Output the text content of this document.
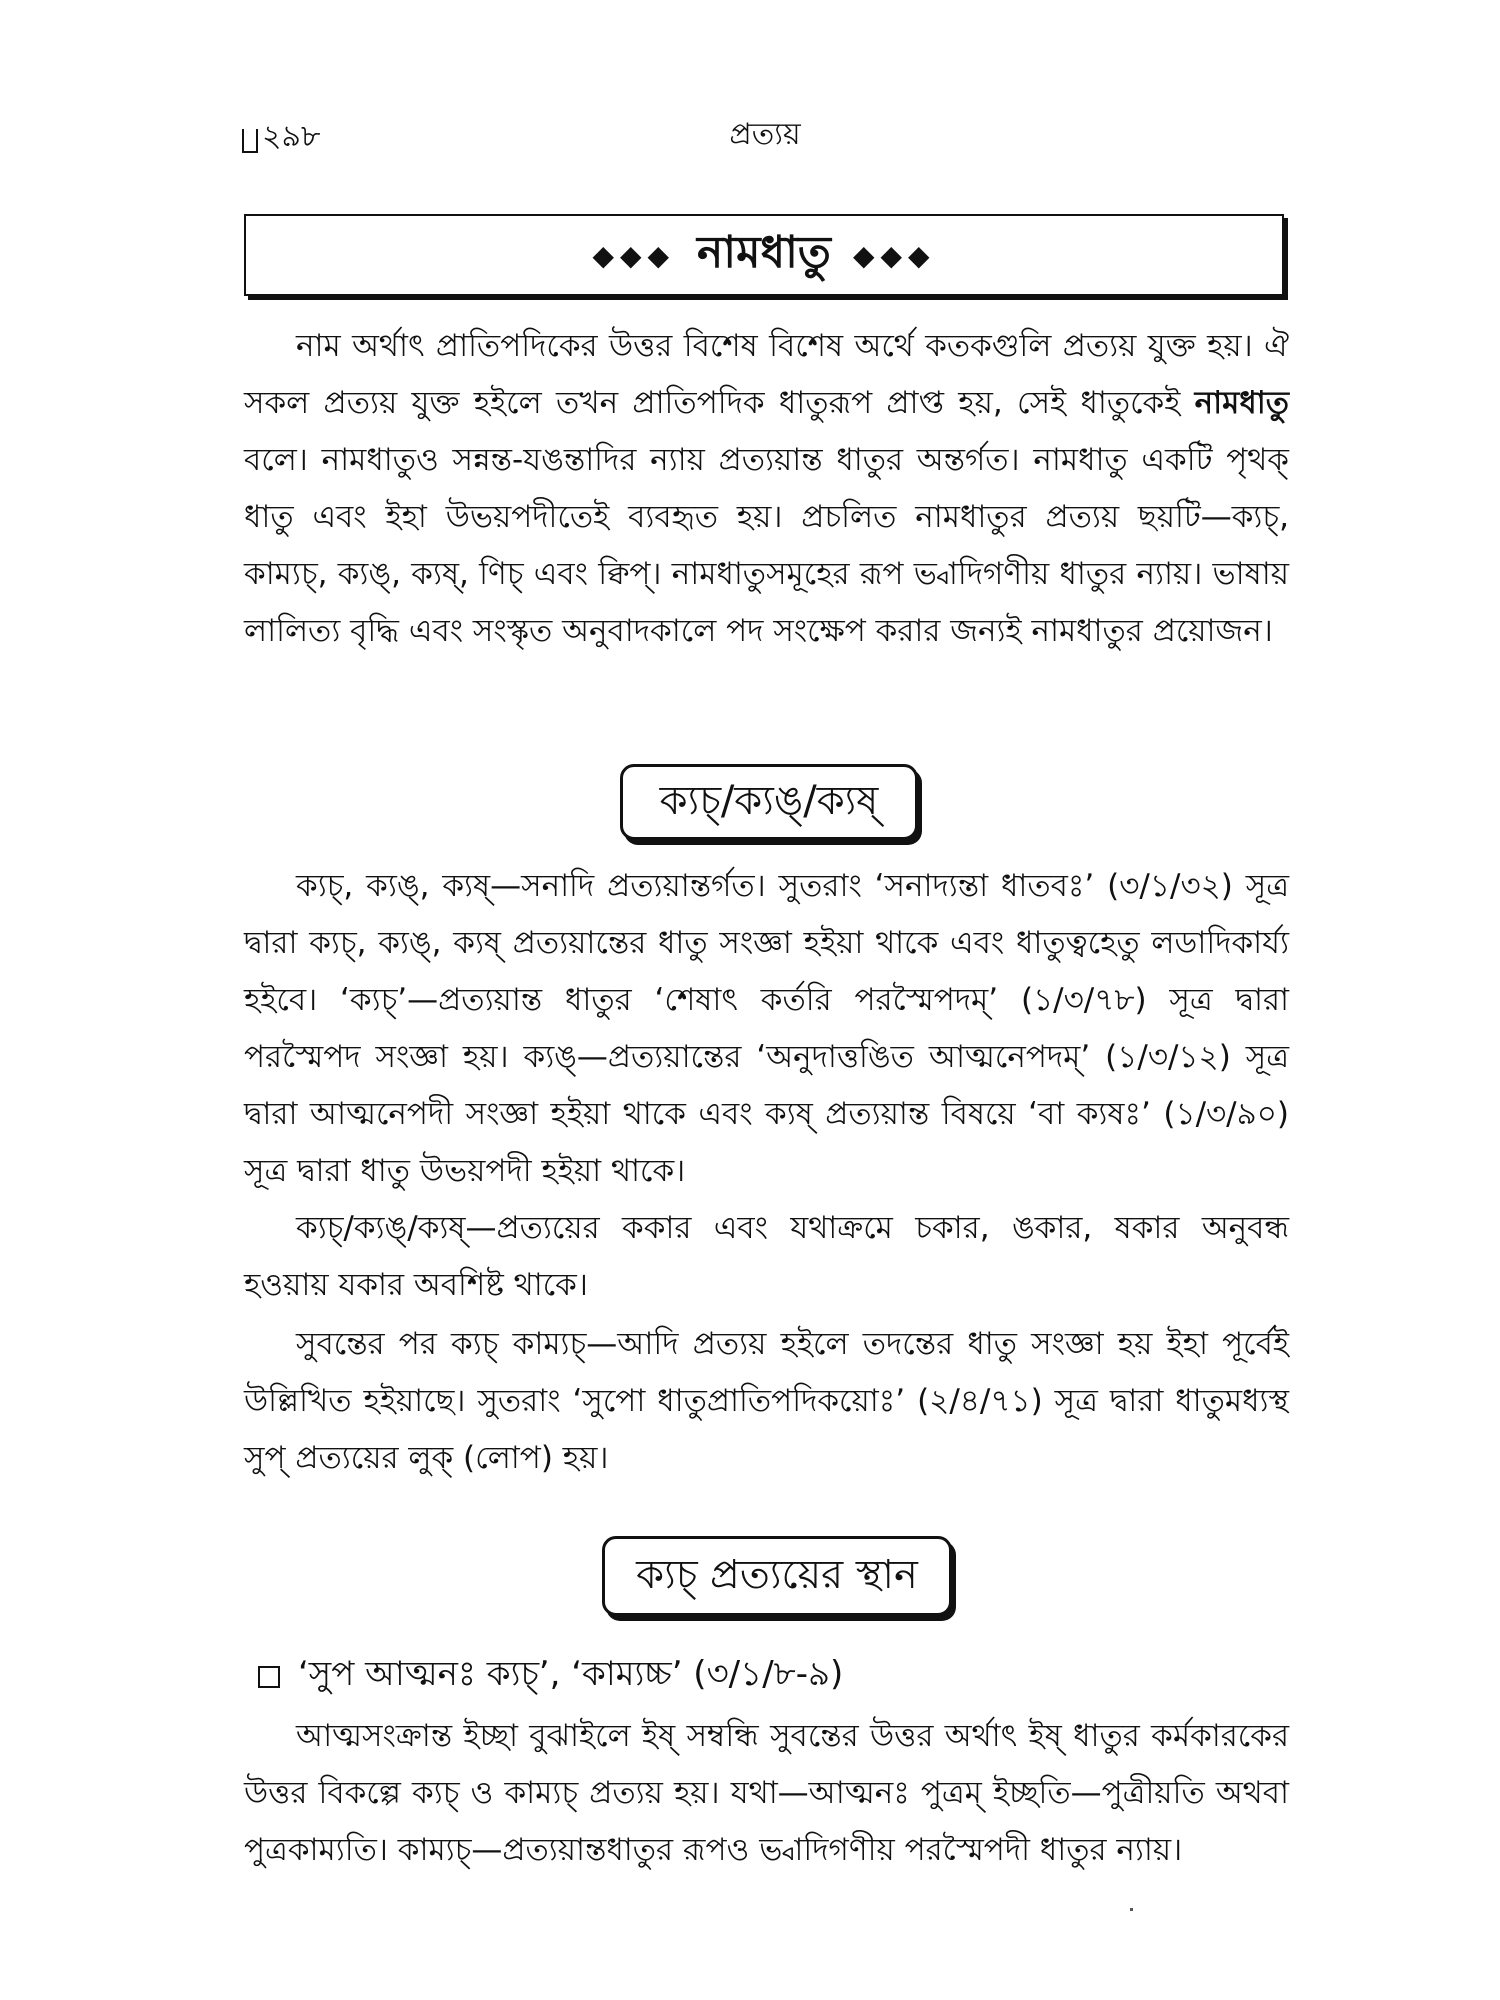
২৯৮	প্রত্যয়
◆◆◆ নামধাতু ◆◆◆

নাম অর্থাৎ প্রাতিপদিকের উত্তর বিশেষ বিশেষ অর্থে কতকগুলি প্রত্যয় যুক্ত হয়। ঐ সকল প্রত্যয় যুক্ত হইলে তখন প্রাতিপদিক ধাতুরূপ প্রাপ্ত হয়, সেই ধাতুকেই নামধাতু বলে। নামধাতুও সন্নন্ত-যঙন্তাদির ন্যায় প্রত্যয়ান্ত ধাতুর অন্তর্গত। নামধাতু একটি পৃথক্ ধাতু এবং ইহা উভয়পদীতেই ব্যবহৃত হয়। প্রচলিত নামধাতুর প্রত্যয় ছয়টি—ক্যচ্, কাম্যচ্, ক্যঙ্, ক্যষ্, ণিচ্ এবং ক্বিপ্। নামধাতুসমূহের রূপ ভ্বাদিগণীয় ধাতুর ন্যায়। ভাষায় লালিত্য বৃদ্ধি এবং সংস্কৃত অনুবাদকালে পদ সংক্ষেপ করার জন্যই নামধাতুর প্রয়োজন।

ক্যচ্/ক্যঙ্/ক্যষ্

ক্যচ্, ক্যঙ্, ক্যষ্—সনাদি প্রত্যয়ান্তর্গত। সুতরাং ‘সনাদ্যন্তা ধাতবঃ’ (৩/১/৩২) সূত্র দ্বারা ক্যচ্, ক্যঙ্, ক্যষ্ প্রত্যয়ান্তের ধাতু সংজ্ঞা হইয়া থাকে এবং ধাতুত্বহেতু লডাদিকার্য্য হইবে। ‘ক্যচ্’—প্রত্যয়ান্ত ধাতুর ‘শেষাৎ কর্তরি পরস্মৈপদম্’ (১/৩/৭৮) সূত্র দ্বারা পরস্মৈপদ সংজ্ঞা হয়। ক্যঙ্—প্রত্যয়ান্তের ‘অনুদাত্তঙিত আত্মনেপদম্’ (১/৩/১২) সূত্র দ্বারা আত্মনেপদী সংজ্ঞা হইয়া থাকে এবং ক্যষ্ প্রত্যয়ান্ত বিষয়ে ‘বা ক্যষঃ’ (১/৩/৯০) সূত্র দ্বারা ধাতু উভয়পদী হইয়া থাকে।

ক্যচ্/ক্যঙ্/ক্যষ্—প্রত্যয়ের ককার এবং যথাক্রমে চকার, ঙকার, ষকার অনুবন্ধ হওয়ায় যকার অবশিষ্ট থাকে।

সুবন্তের পর ক্যচ্ কাম্যচ্—আদি প্রত্যয় হইলে তদন্তের ধাতু সংজ্ঞা হয় ইহা পূর্বেই উল্লিখিত হইয়াছে। সুতরাং ‘সুপো ধাতুপ্রাতিপদিকয়োঃ’ (২/৪/৭১) সূত্র দ্বারা ধাতুমধ্যস্থ সুপ্ প্রত্যয়ের লুক্ (লোপ) হয়।

ক্যচ্ প্রত্যয়ের স্থান
‘সুপ আত্মনঃ ক্যচ্’, ‘কাম্যচ্চ’ (৩/১/৮-৯)

আত্মসংক্রান্ত ইচ্ছা বুঝাইলে ইষ্ সম্বন্ধি সুবন্তের উত্তর অর্থাৎ ইষ্ ধাতুর কর্মকারকের উত্তর বিকল্পে ক্যচ্ ও কাম্যচ্ প্রত্যয় হয়। যথা—আত্মনঃ পুত্রম্ ইচ্ছতি—পুত্রীয়তি অথবা পুত্রকাম্যতি। কাম্যচ্—প্রত্যয়ান্তধাতুর রূপও ভ্বাদিগণীয় পরস্মৈপদী ধাতুর ন্যায়।
